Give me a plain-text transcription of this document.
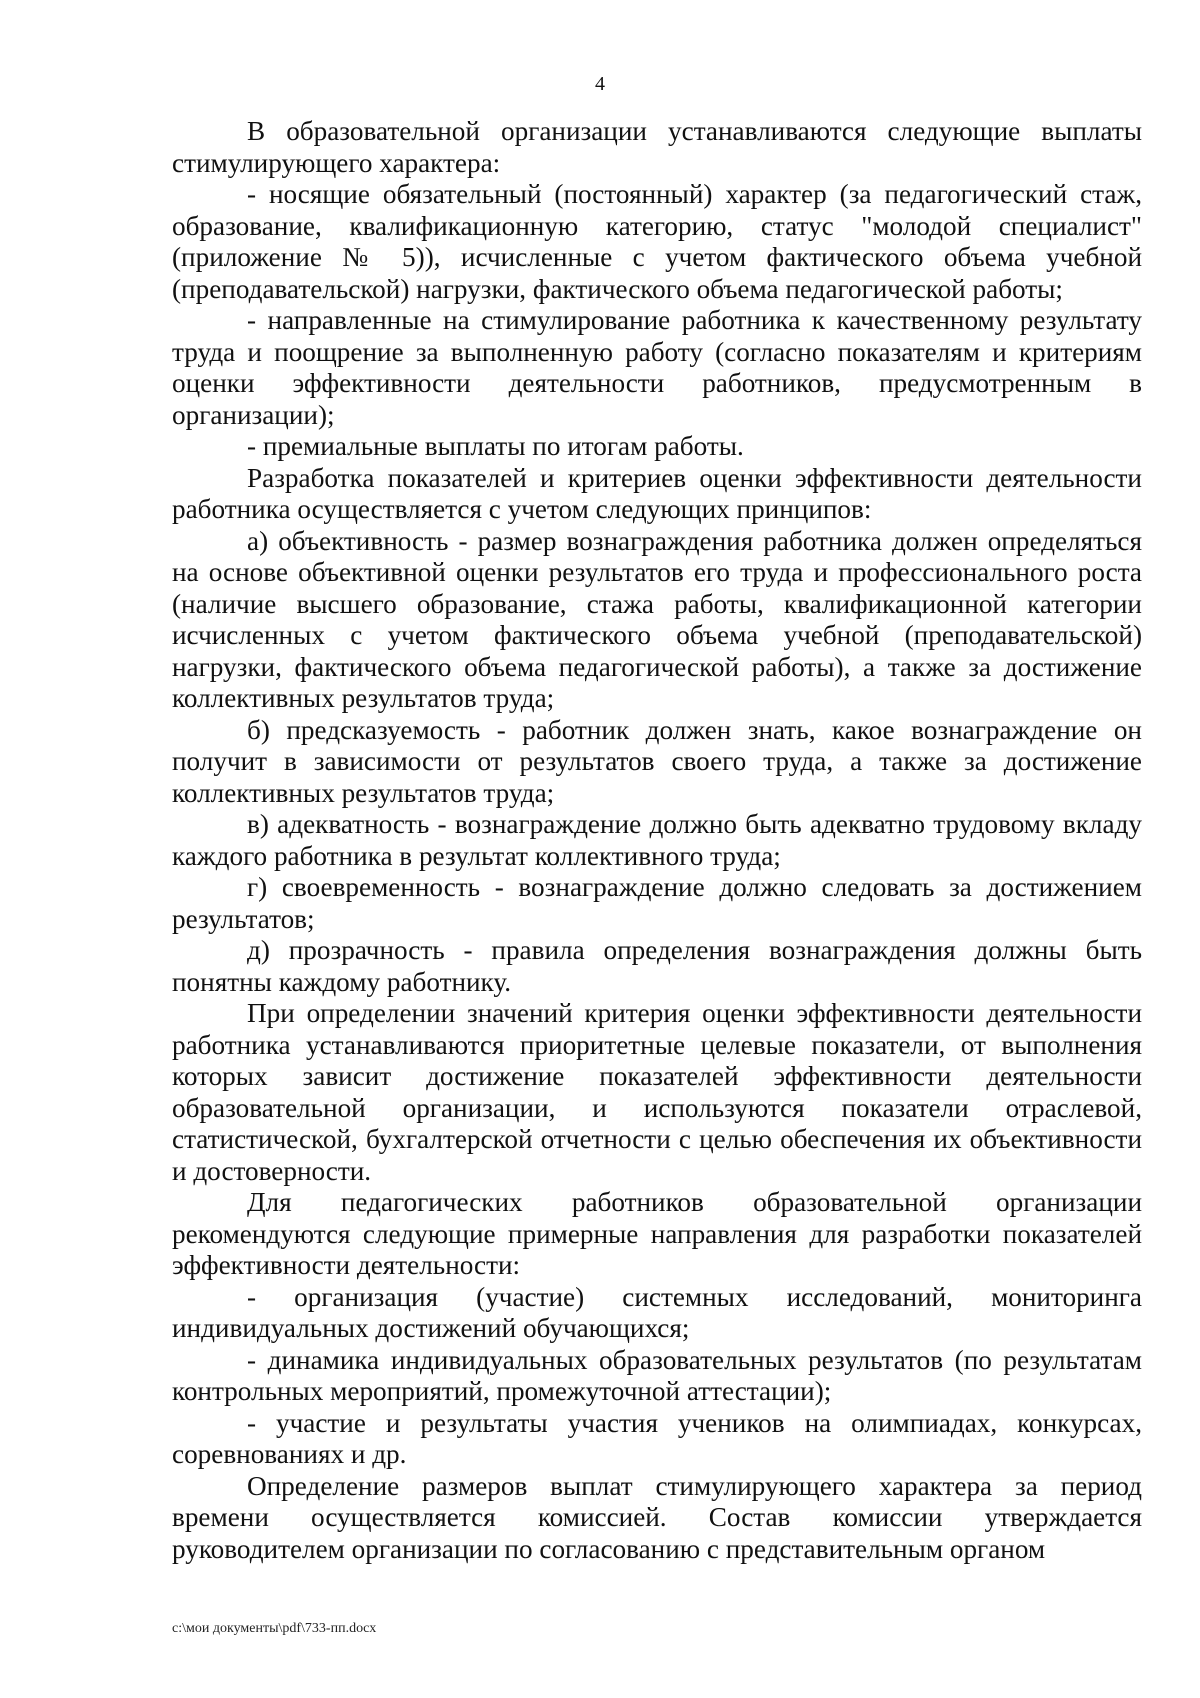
4

В образовательной организации устанавливаются следующие выплаты стимулирующего характера:

- носящие обязательный (постоянный) характер (за педагогический стаж, образование, квалификационную категорию, статус "молодой специалист" (приложение № 5)), исчисленные с учетом фактического объема учебной (преподавательской) нагрузки, фактического объема педагогической работы;

- направленные на стимулирование работника к качественному результату труда и поощрение за выполненную работу (согласно показателям и критериям оценки эффективности деятельности работников, предусмотренным в организации);

- премиальные выплаты по итогам работы.

Разработка показателей и критериев оценки эффективности деятельности работника осуществляется с учетом следующих принципов:

а) объективность - размер вознаграждения работника должен определяться на основе объективной оценки результатов его труда и профессионального роста (наличие высшего образование, стажа работы, квалификационной категории исчисленных с учетом фактического объема учебной (преподавательской) нагрузки, фактического объема педагогической работы), а также за достижение коллективных результатов труда;

б) предсказуемость - работник должен знать, какое вознаграждение он получит в зависимости от результатов своего труда, а также за достижение коллективных результатов труда;

в) адекватность - вознаграждение должно быть адекватно трудовому вкладу каждого работника в результат коллективного труда;

г) своевременность - вознаграждение должно следовать за достижением результатов;

д) прозрачность - правила определения вознаграждения должны быть понятны каждому работнику.

При определении значений критерия оценки эффективности деятельности работника устанавливаются приоритетные целевые показатели, от выполнения которых зависит достижение показателей эффективности деятельности образовательной организации, и используются показатели отраслевой, статистической, бухгалтерской отчетности с целью обеспечения их объективности и достоверности.

Для педагогических работников образовательной организации рекомендуются следующие примерные направления для разработки показателей эффективности деятельности:

- организация (участие) системных исследований, мониторинга индивидуальных достижений обучающихся;

- динамика индивидуальных образовательных результатов (по результатам контрольных мероприятий, промежуточной аттестации);

- участие и результаты участия учеников на олимпиадах, конкурсах, соревнованиях и др.

Определение размеров выплат стимулирующего характера за период времени осуществляется комиссией. Состав комиссии утверждается руководителем организации по согласованию с представительным органом

c:\мои документы\pdf\733-пп.docx
